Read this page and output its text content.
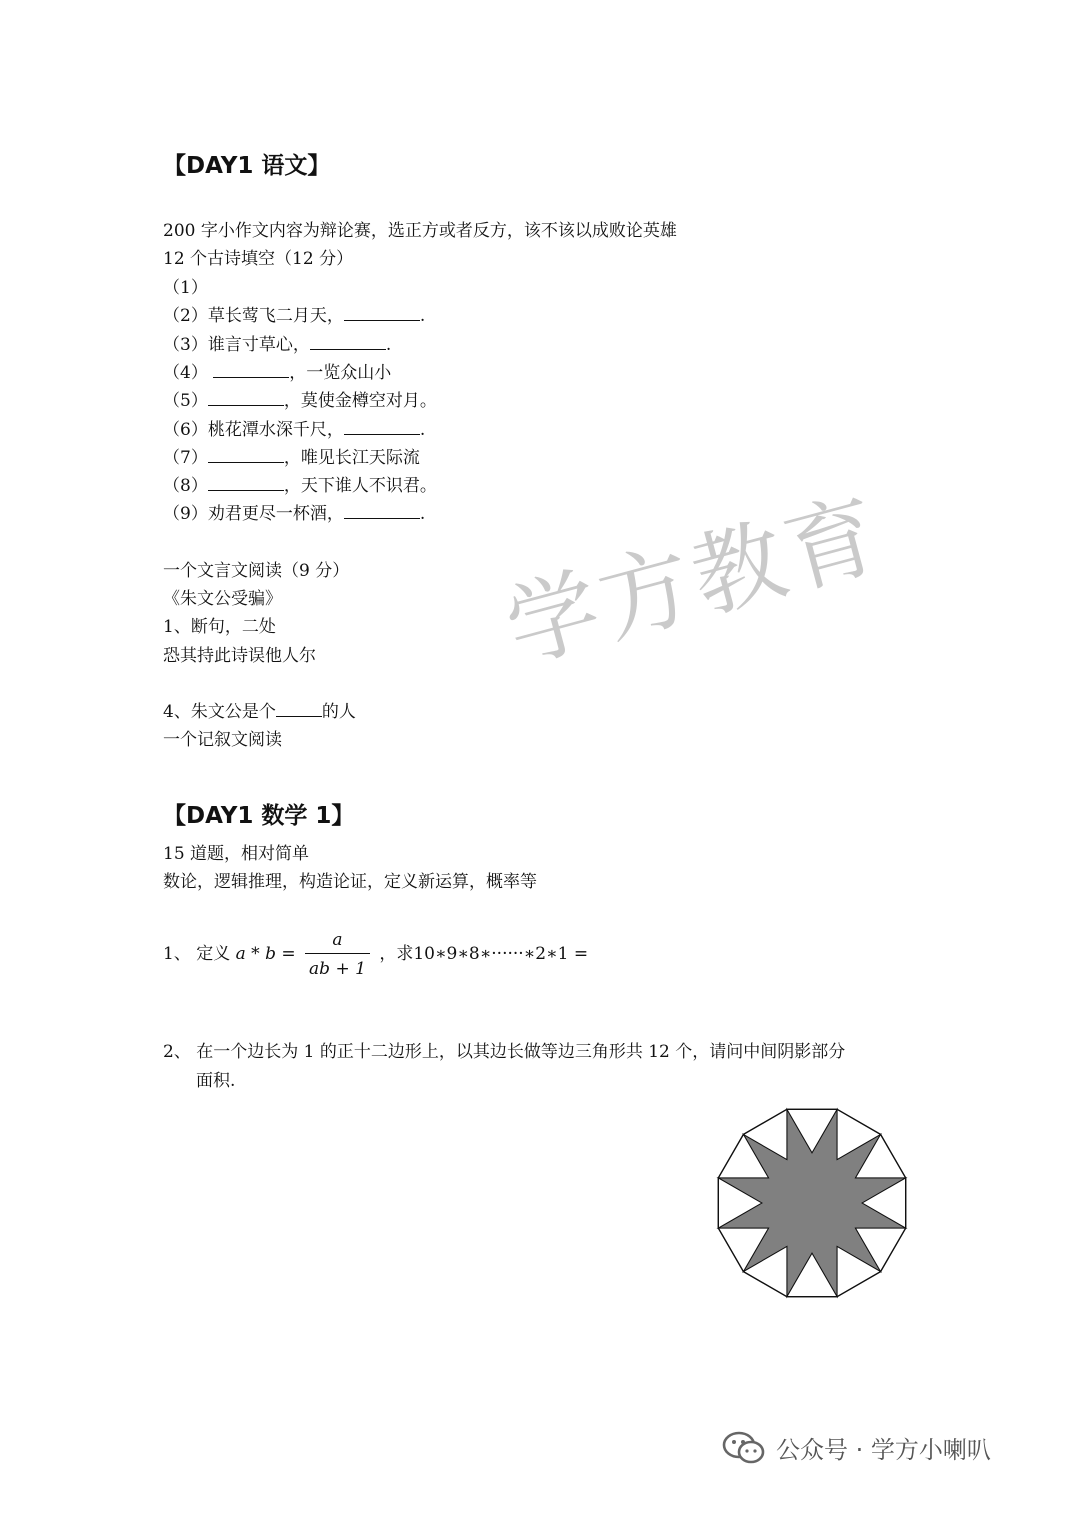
【DAY1 语文】
200 字小作文内容为辩论赛，选正方或者反方，该不该以成败论英雄
12 个古诗填空（12 分）
（1）
（2）草长莺飞二月天，	.
（3）谁言寸草心，	.
（4）	，一览众山小
（5）	，莫使金樽空对月。
（6）桃花潭水深千尺，	.
（7）	，唯见长江天际流
（8）	，天下谁人不识君。
（9）劝君更尽一杯酒，	.
一个文言文阅读（9 分）
《朱文公受骗》
1、断句，二处
恐其持此诗误他人尔
4、朱文公是个	的人
一个记叙文阅读
【DAY1 数学 1】
15 道题，相对简单
数论，逻辑推理，构造论证，定义新运算，概率等
1、 定义 $a * b = \frac{a}{ab + 1}$ ，求10∗9∗8∗······∗2∗1 =
2、 在一个边长为 1 的正十二边形上，以其边长做等边三角形共 12 个，请问中间阴影部分
面积.
学方教育
公众号 · 学方小喇叭
